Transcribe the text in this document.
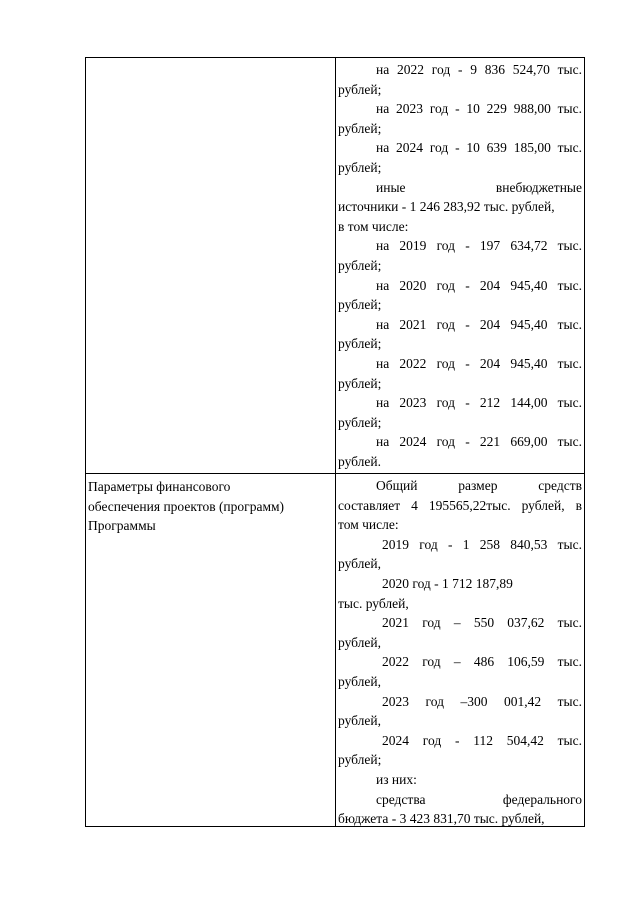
на 2022 год - 9 836 524,70 тыс.
рублей;
на 2023 год - 10 229 988,00 тыс.
рублей;
на 2024 год - 10 639 185,00 тыс.
рублей;
иные внебюджетные
источники - 1 246 283,92 тыс. рублей,
в том числе:
на 2019 год - 197 634,72 тыс.
рублей;
на 2020 год - 204 945,40 тыс.
рублей;
на 2021 год - 204 945,40 тыс.
рублей;
на 2022 год - 204 945,40 тыс.
рублей;
на 2023 год - 212 144,00 тыс.
рублей;
на 2024 год - 221 669,00 тыс.
рублей.
Параметры финансового
обеспечения проектов (программ)
Программы
Общий размер средств
составляет 4 195565,22тыс. рублей, в
том числе:
2019 год - 1 258 840,53 тыс.
рублей,
2020 год - 1 712 187,89
тыс. рублей,
2021 год – 550 037,62 тыс.
рублей,
2022 год – 486 106,59 тыс.
рублей,
2023 год –300 001,42 тыс.
рублей,
2024 год - 112 504,42 тыс.
рублей;
из них:
средства федерального
бюджета - 3 423 831,70 тыс. рублей,
